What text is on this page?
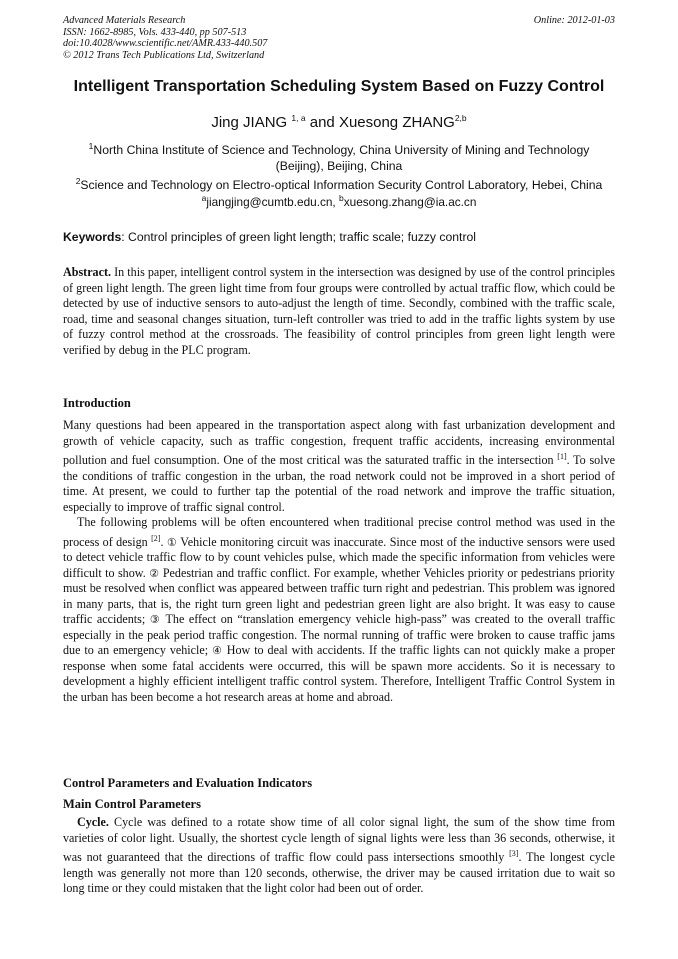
Advanced Materials Research
ISSN: 1662-8985, Vols. 433-440, pp 507-513
doi:10.4028/www.scientific.net/AMR.433-440.507
© 2012 Trans Tech Publications Ltd, Switzerland
Online: 2012-01-03
Intelligent Transportation Scheduling System Based on Fuzzy Control
Jing JIANG $^{1, a}$ and Xuesong ZHANG$^{2,b}$
$^1$North China Institute of Science and Technology, China University of Mining and Technology
(Beijing), Beijing, China
$^2$Science and Technology on Electro-optical Information Security Control Laboratory, Hebei, China
$^a$jiangjing@cumtb.edu.cn, $^b$xuesong.zhang@ia.ac.cn
Keywords: Control principles of green light length; traffic scale; fuzzy control

Abstract. In this paper, intelligent control system in the intersection was designed by use of the control principles of green light length. The green light time from four groups were controlled by actual traffic flow, which could be detected by use of inductive sensors to auto-adjust the length of time. Secondly, combined with the traffic scale, road, time and seasonal changes situation, turn-left controller was tried to add in the traffic lights system by use of fuzzy control method at the crossroads. The feasibility of control principles from green light length were verified by debug in the PLC program.

Introduction

Many questions had been appeared in the transportation aspect along with fast urbanization development and growth of vehicle capacity, such as traffic congestion, frequent traffic accidents, increasing environmental pollution and fuel consumption. One of the most critical was the saturated traffic in the intersection [1]. To solve the conditions of traffic congestion in the urban, the road network could not be improved in a short period of time. At present, we could to further tap the potential of the road network and improve the traffic situation, especially to improve of traffic signal control.

The following problems will be often encountered when traditional precise control method was used in the process of design [2]. ① Vehicle monitoring circuit was inaccurate. Since most of the inductive sensors were used to detect vehicle traffic flow to by count vehicles pulse, which made the specific information from vehicles were difficult to show. ② Pedestrian and traffic conflict. For example, whether Vehicles priority or pedestrians priority must be resolved when conflict was appeared between traffic turn right and pedestrian. This problem was ignored in many parts, that is, the right turn green light and pedestrian green light are also bright. It was easy to cause traffic accidents; ③ The effect on “translation emergency vehicle high-pass” was created to the overall traffic especially in the peak period traffic congestion. The normal running of traffic were broken to cause traffic jams due to an emergency vehicle; ④ How to deal with accidents. If the traffic lights can not quickly make a proper response when some fatal accidents were occurred, this will be spawn more accidents. So it is necessary to development a highly efficient intelligent traffic control system. Therefore, Intelligent Traffic Control System in the urban has been become a hot research areas at home and abroad.

Control Parameters and Evaluation Indicators
Main Control Parameters

Cycle. Cycle was defined to a rotate show time of all color signal light, the sum of the show time from varieties of color light. Usually, the shortest cycle length of signal lights were less than 36 seconds, otherwise, it was not guaranteed that the directions of traffic flow could pass intersections smoothly [3]. The longest cycle length was generally not more than 120 seconds, otherwise, the driver may be caused irritation due to wait so long time or they could mistaken that the light color had been out of order.
